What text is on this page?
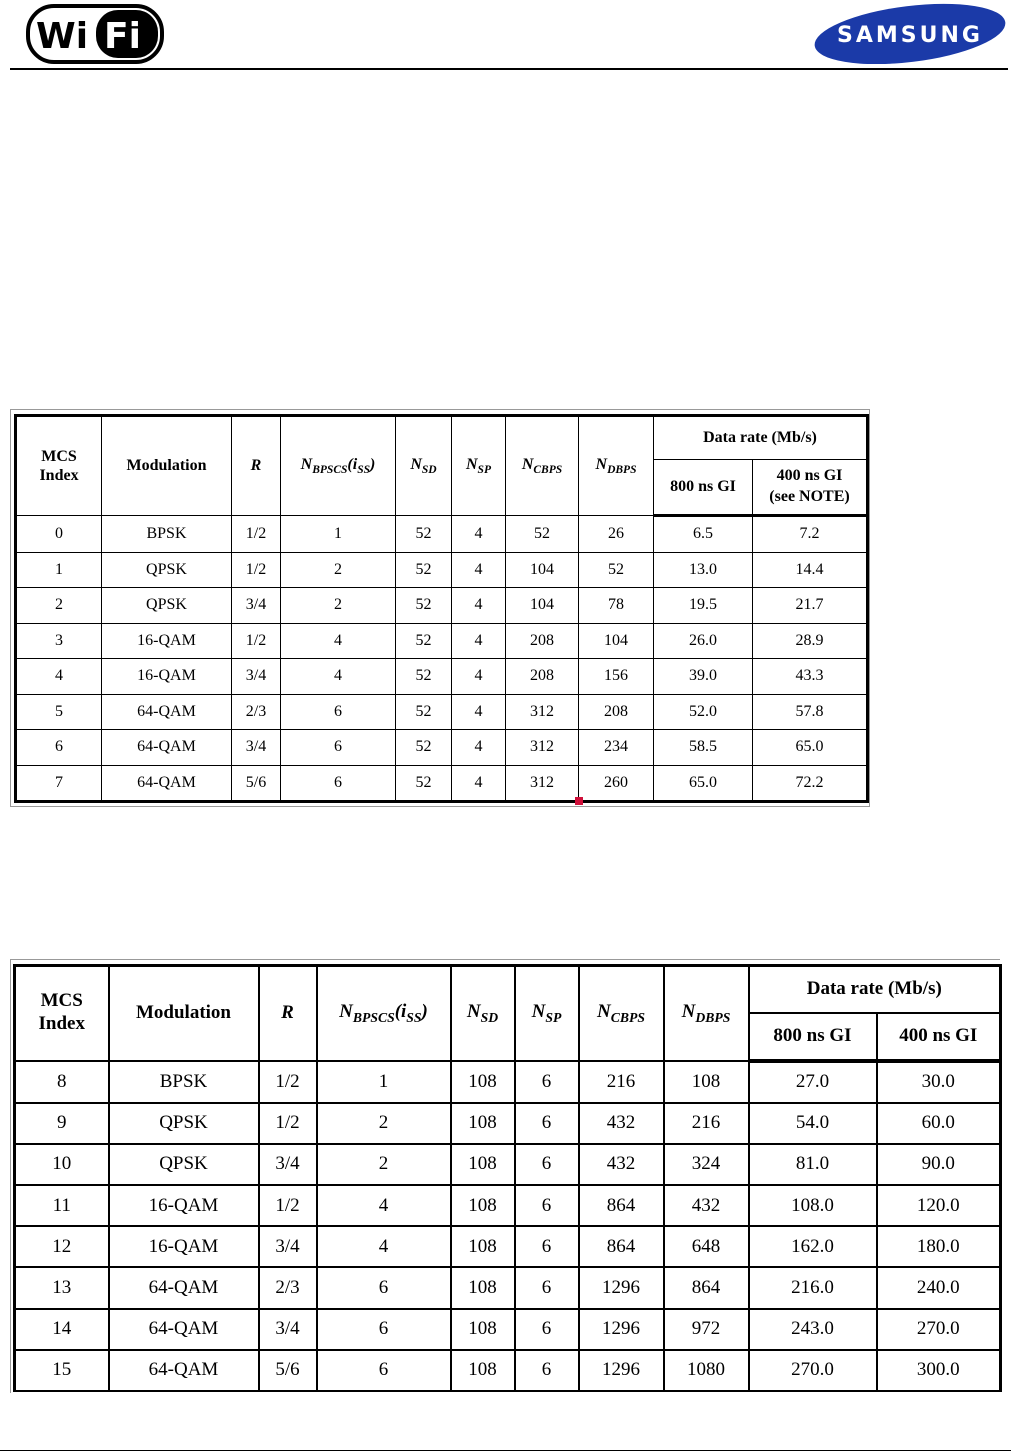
Wi Fi
Wi Fi
SAMSUNG
MCS Index	Modulation	R	$N_{BPSCS}(i_{SS})$	$N_{SD}$	$N_{SP}$	$N_{CBPS}$	$N_{DBPS}$	Data rate (Mb/s)	
								800 ns GI	400 ns GI
(see NOTE)
0	BPSK	1/2	1	52	4	52	26	6.5	7.2
1	QPSK	1/2	2	52	4	104	52	13.0	14.4
2	QPSK	3/4	2	52	4	104	78	19.5	21.7
3	16-QAM	1/2	4	52	4	208	104	26.0	28.9
4	16-QAM	3/4	4	52	4	208	156	39.0	43.3
5	64-QAM	2/3	6	52	4	312	208	52.0	57.8
6	64-QAM	3/4	6	52	4	312	234	58.5	65.0
7	64-QAM	5/6	6	52	4	312	260	65.0	72.2
MCS Index	Modulation	R	$N_{BPSCS}(i_{SS})$	$N_{SD}$	$N_{SP}$	$N_{CBPS}$	$N_{DBPS}$	Data rate (Mb/s)	
								800 ns GI	400 ns GI
8	BPSK	1/2	1	108	6	216	108	27.0	30.0
9	QPSK	1/2	2	108	6	432	216	54.0	60.0
10	QPSK	3/4	2	108	6	432	324	81.0	90.0
11	16-QAM	1/2	4	108	6	864	432	108.0	120.0
12	16-QAM	3/4	4	108	6	864	648	162.0	180.0
13	64-QAM	2/3	6	108	6	1296	864	216.0	240.0
14	64-QAM	3/4	6	108	6	1296	972	243.0	270.0
15	64-QAM	5/6	6	108	6	1296	1080	270.0	300.0
